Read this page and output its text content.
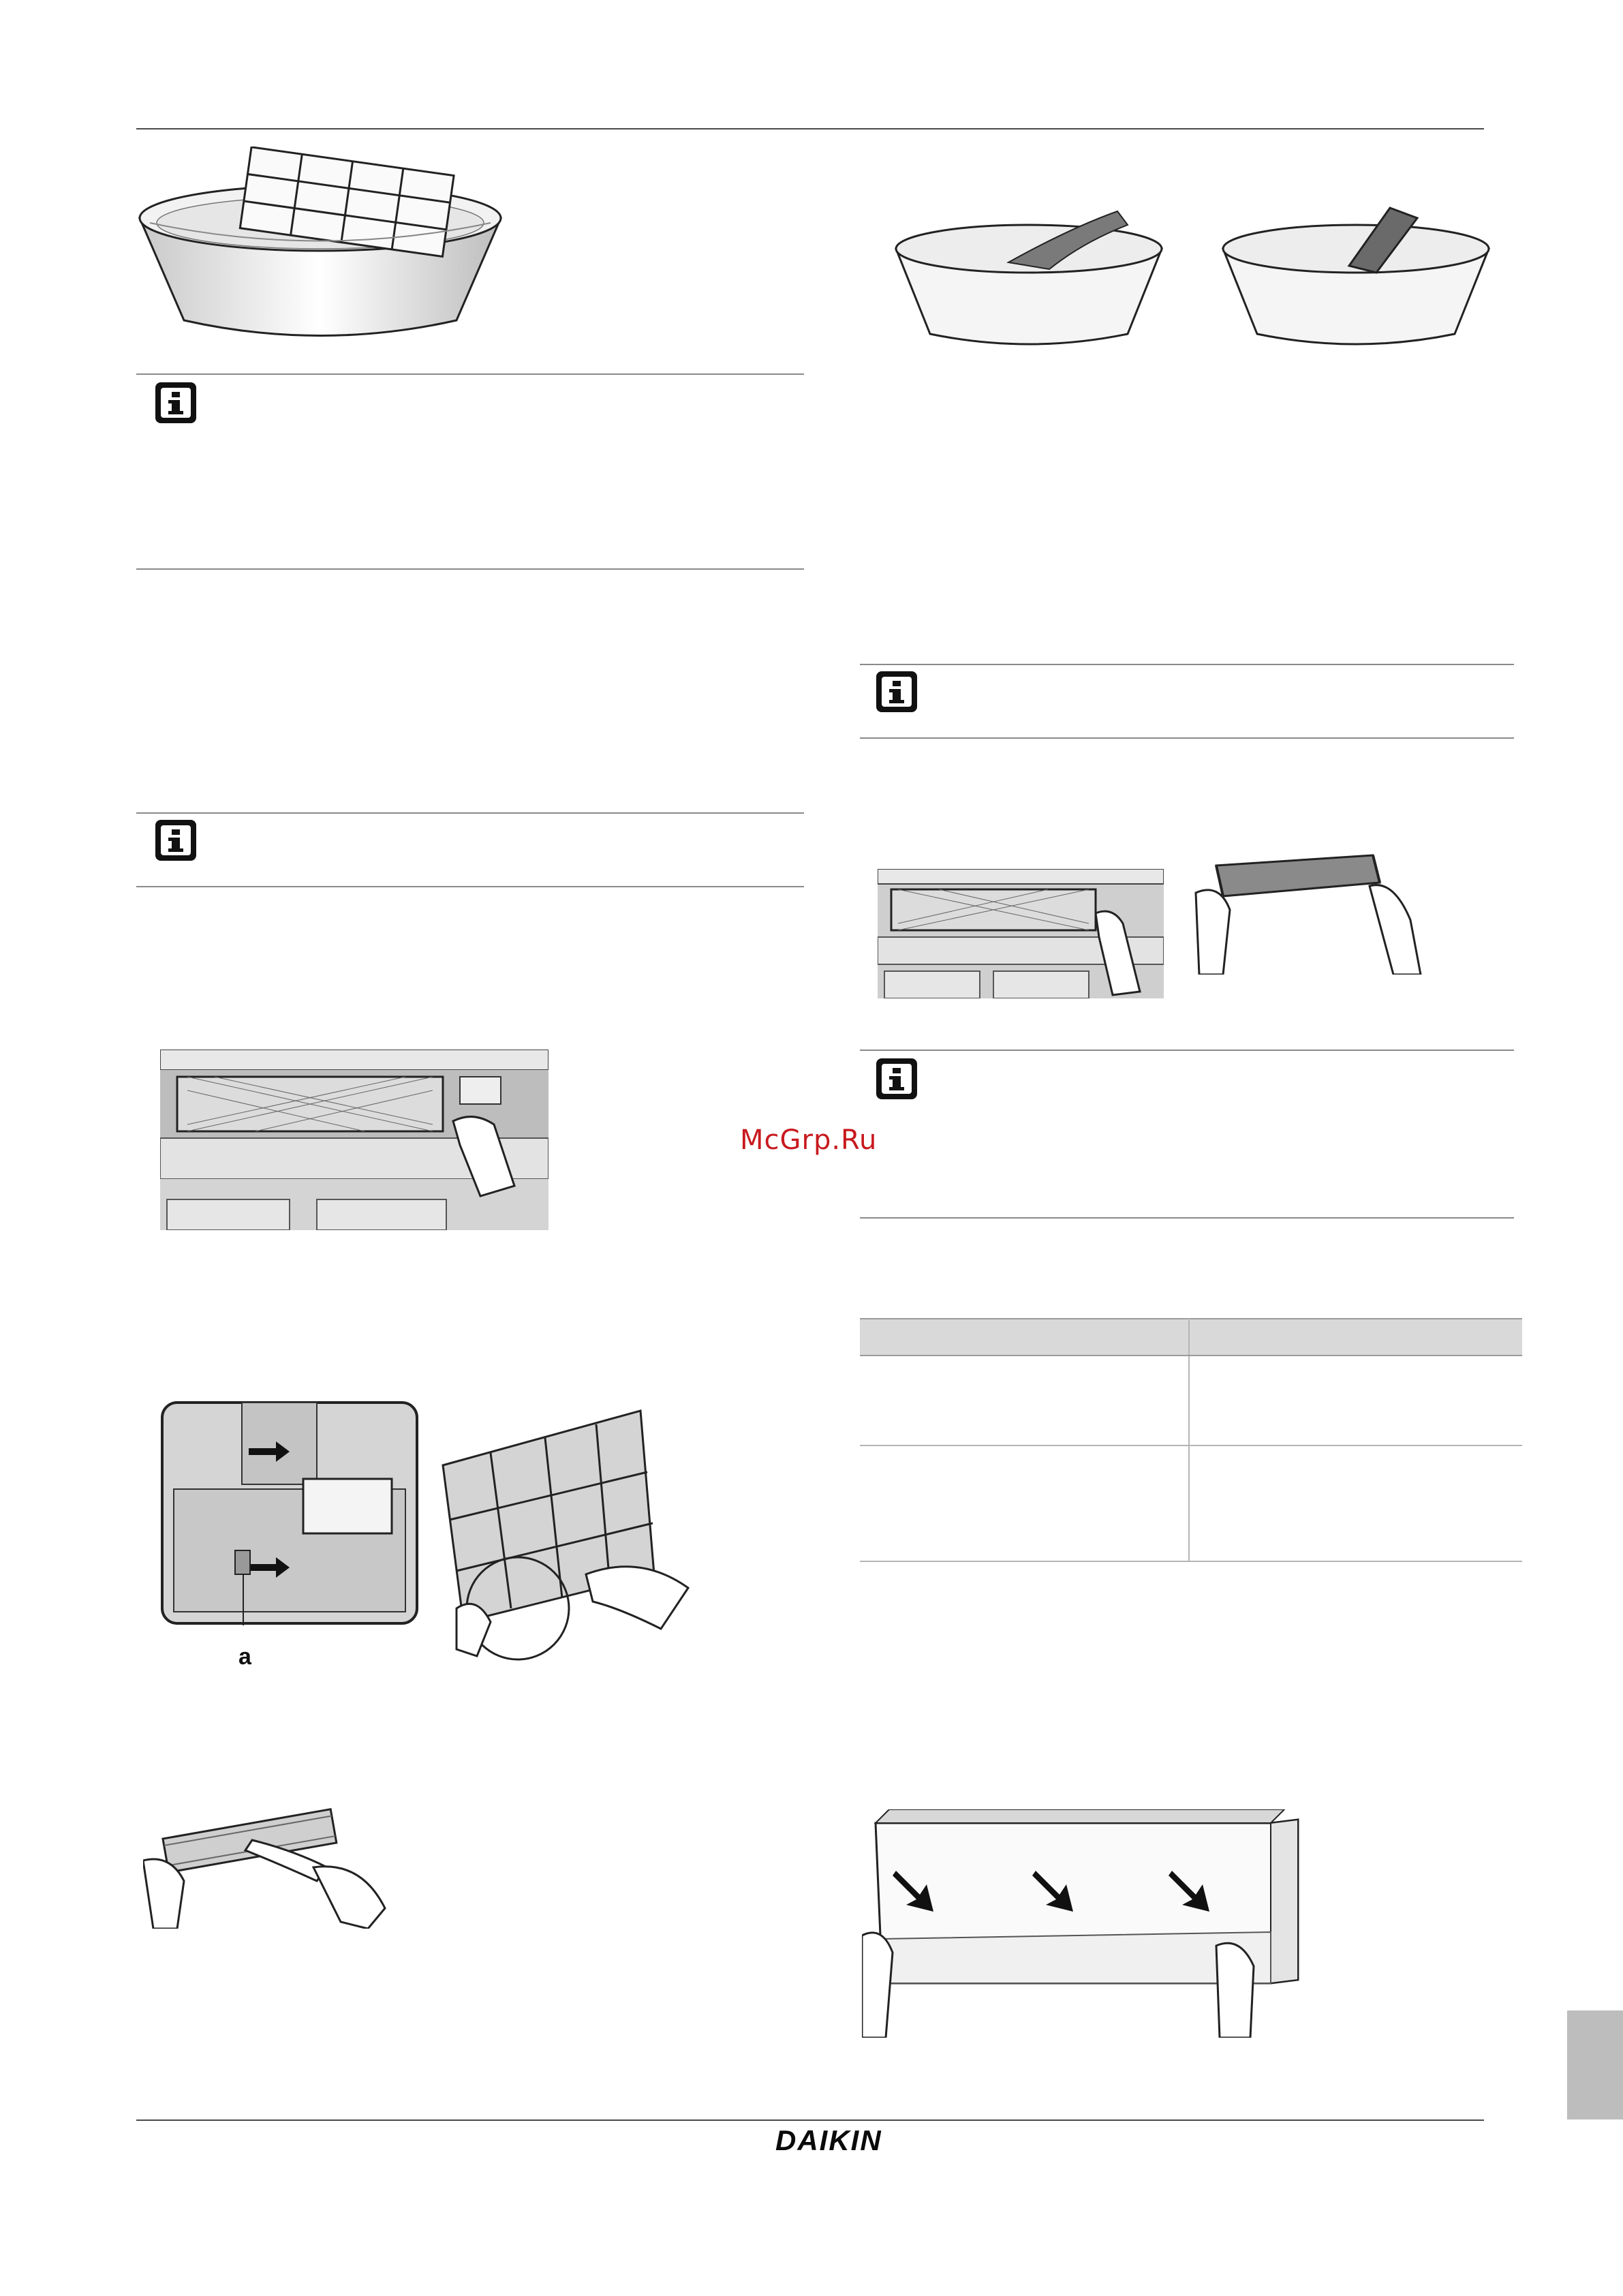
a
McGrp.Ru

DAIKIN
